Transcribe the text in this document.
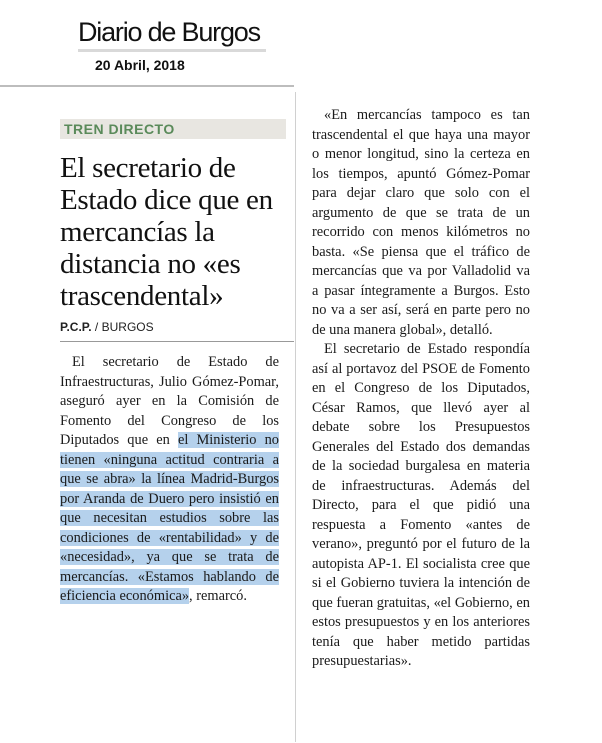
Diario de Burgos
20 Abril, 2018
TREN DIRECTO
El secretario de Estado dice que en mercancías la distancia no «es trascendental»
P.C.P. / BURGOS

El secretario de Estado de Infraestructuras, Julio Gómez-Pomar, aseguró ayer en la Comisión de Fomento del Congreso de los Diputados que en el Ministerio no tienen «ninguna actitud contraria a que se abra» la línea Madrid-Burgos por Aranda de Duero pero insistió en que necesitan estudios sobre las condiciones de «rentabilidad» y de «necesidad», ya que se trata de mercancías. «Estamos hablando de eficiencia económica», remarcó.

«En mercancías tampoco es tan trascendental el que haya una mayor o menor longitud, sino la certeza en los tiempos, apuntó Gómez-Pomar para dejar claro que solo con el argumento de que se trata de un recorrido con menos kilómetros no basta. «Se piensa que el tráfico de mercancías que va por Valladolid va a pasar íntegramente a Burgos. Esto no va a ser así, será en parte pero no de una manera global», detalló.

El secretario de Estado respondía así al portavoz del PSOE de Fomento en el Congreso de los Diputados, César Ramos, que llevó ayer al debate sobre los Presupuestos Generales del Estado dos demandas de la sociedad burgalesa en materia de infraestructuras. Además del Directo, para el que pidió una respuesta a Fomento «antes de verano», preguntó por el futuro de la autopista AP-1. El socialista cree que si el Gobierno tuviera la intención de que fueran gratuitas, «el Gobierno, en estos presupuestos y en los anteriores tenía que haber metido partidas presupuestarias».
